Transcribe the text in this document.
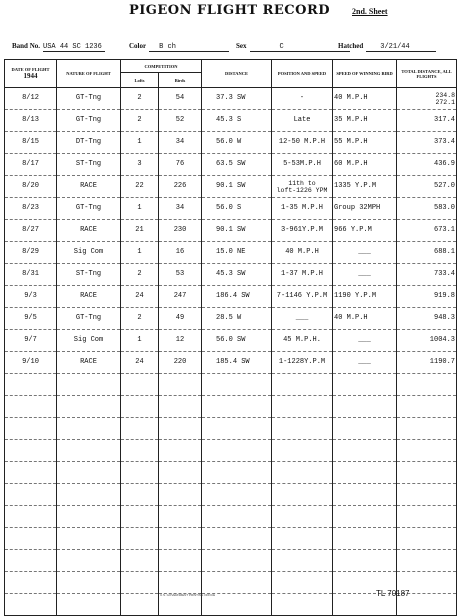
PIGEON FLIGHT RECORD	2nd. Sheet
Band No. USA 44 SC 1236	Color B ch	Sex	C	Hatched 3/21/44
DATE OF FLIGHT
1944	NATURE OF FLIGHT	COMPETITION		DISTANCE	POSITION AND SPEED	SPEED OF WINNING BIRD	TOTAL DISTANCE, ALL FLIGHTS
		Lofts	Birds				
8/12	GT-Tng	2	54	37.3 SW	-	40 M.P.H	234.8
272.1
8/13	GT-Tng	2	52	45.3 S	Late	35 M.P.H	317.4
8/15	DT-Tng	1	34	56.0 W	12-50 M.P.H	55 M.P.H	373.4
8/17	ST-Tng	3	76	63.5 SW	5-53M.P.H	60 M.P.H	436.9
8/20	RACE	22	226	90.1 SW	11th to
loft-1226 YPM	1335 Y.P.M	527.0
8/23	GT-Tng	1	34	56.0 S	1-35 M.P.H	Group 32MPH	583.0
8/27	RACE	21	230	90.1 SW	3-961Y.P.M	966 Y.P.M	673.1
8/29	Sig Com	1	16	15.0 NE	40 M.P.H	___	688.1
8/31	ST-Tng	2	53	45.3 SW	1-37 M.P.H	___	733.4
9/3	RACE	24	247	186.4 SW	7-1146 Y.P.M	1190 Y.P.M	919.8
9/5	GT-Tng	2	49	28.5 W	___	40 M.P.H	948.3
9/7	Sig Com	1	12	56.0 SW	45 M.P.H.	___	1004.3
9/10	RACE	24	220	185.4 SW	1-1228Y.P.M	___	1190.7

U.S. GOVERNMENT PRINTING OFFICE	TL 70187
